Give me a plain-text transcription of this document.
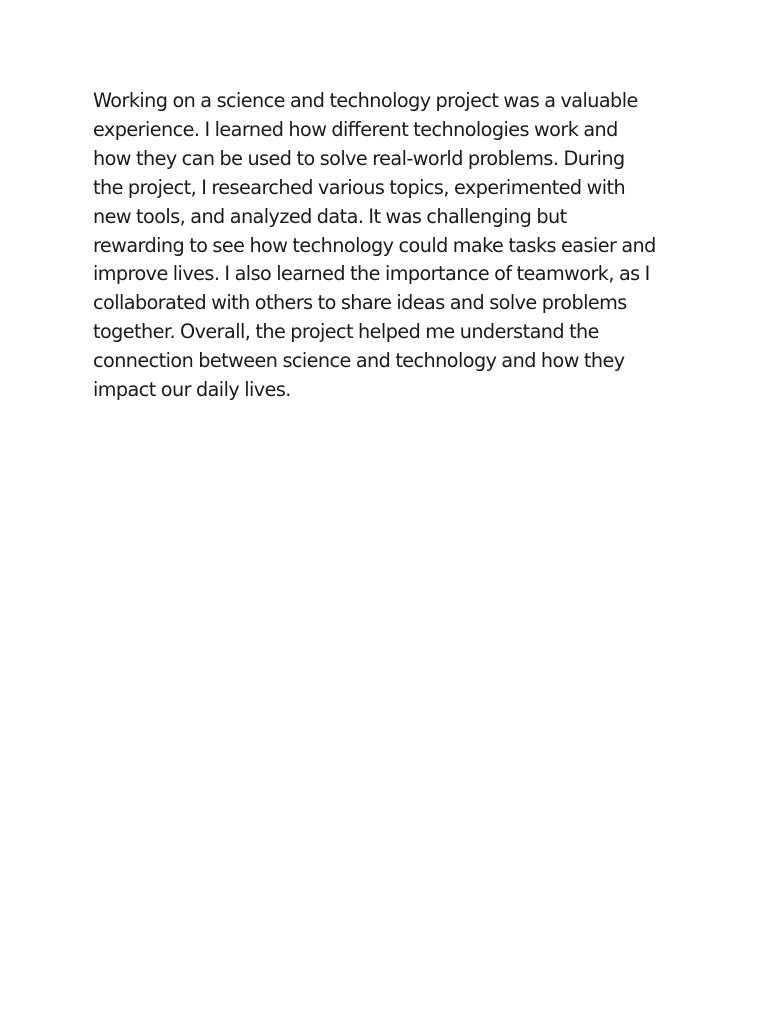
Working on a science and technology project was a valuable
experience. I learned how different technologies work and
how they can be used to solve real-world problems. During
the project, I researched various topics, experimented with
new tools, and analyzed data. It was challenging but
rewarding to see how technology could make tasks easier and
improve lives. I also learned the importance of teamwork, as I
collaborated with others to share ideas and solve problems
together. Overall, the project helped me understand the
connection between science and technology and how they
impact our daily lives.
